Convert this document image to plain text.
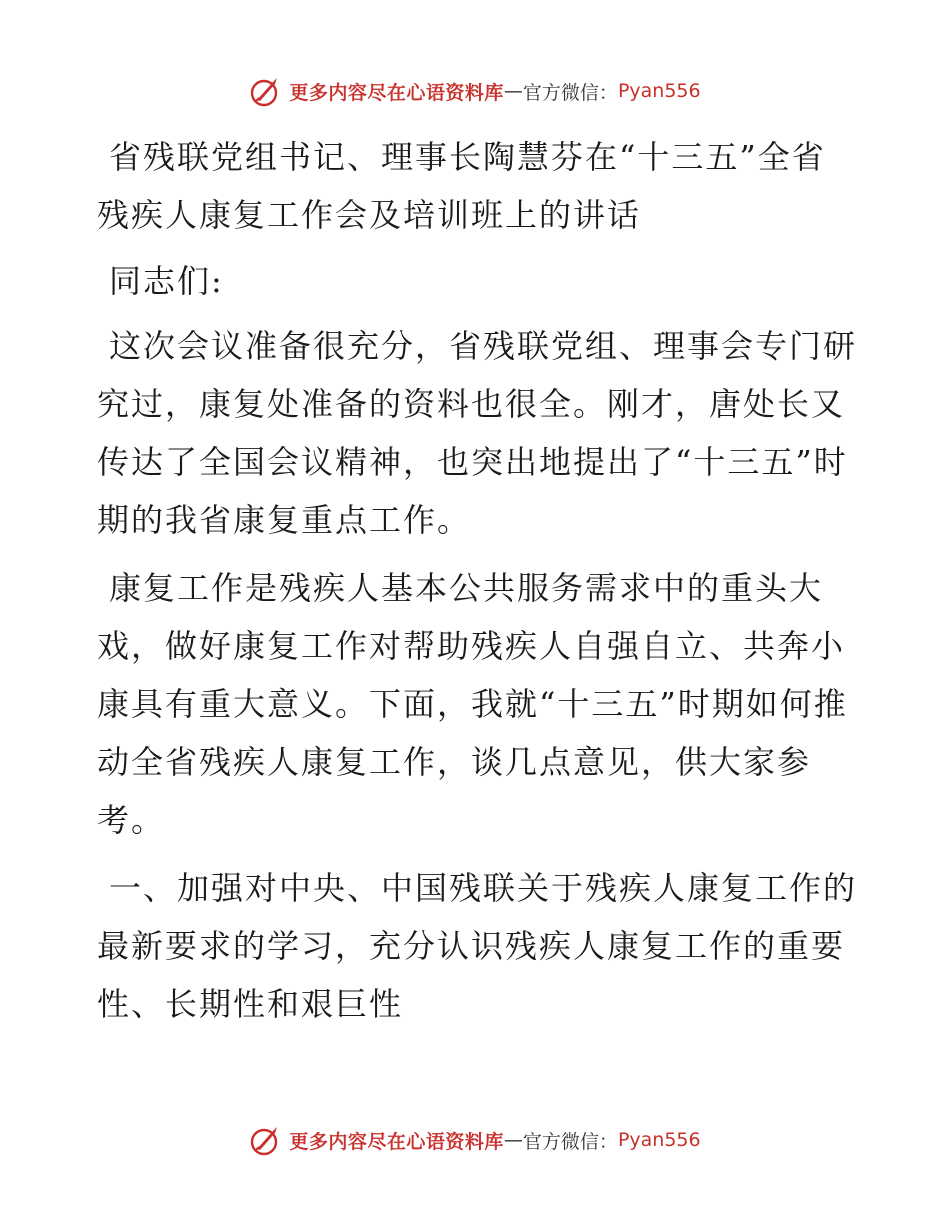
更多内容尽在心语资料库 — 官方微信： Pyan556

省残联党组书记、理事长陶慧芬在“十三五”全省残疾人康复工作会及培训班上的讲话

同志们:

这次会议准备很充分，省残联党组、理事会专门研究过，康复处准备的资料也很全。刚才，唐处长又传达了全国会议精神，也突出地提出了“十三五”时期的我省康复重点工作。

康复工作是残疾人基本公共服务需求中的重头大戏，做好康复工作对帮助残疾人自强自立、共奔小康具有重大意义。下面，我就“十三五”时期如何推动全省残疾人康复工作，谈几点意见，供大家参考。

一、加强对中央、中国残联关于残疾人康复工作的最新要求的学习，充分认识残疾人康复工作的重要性、长期性和艰巨性

更多内容尽在心语资料库 — 官方微信： Pyan556
